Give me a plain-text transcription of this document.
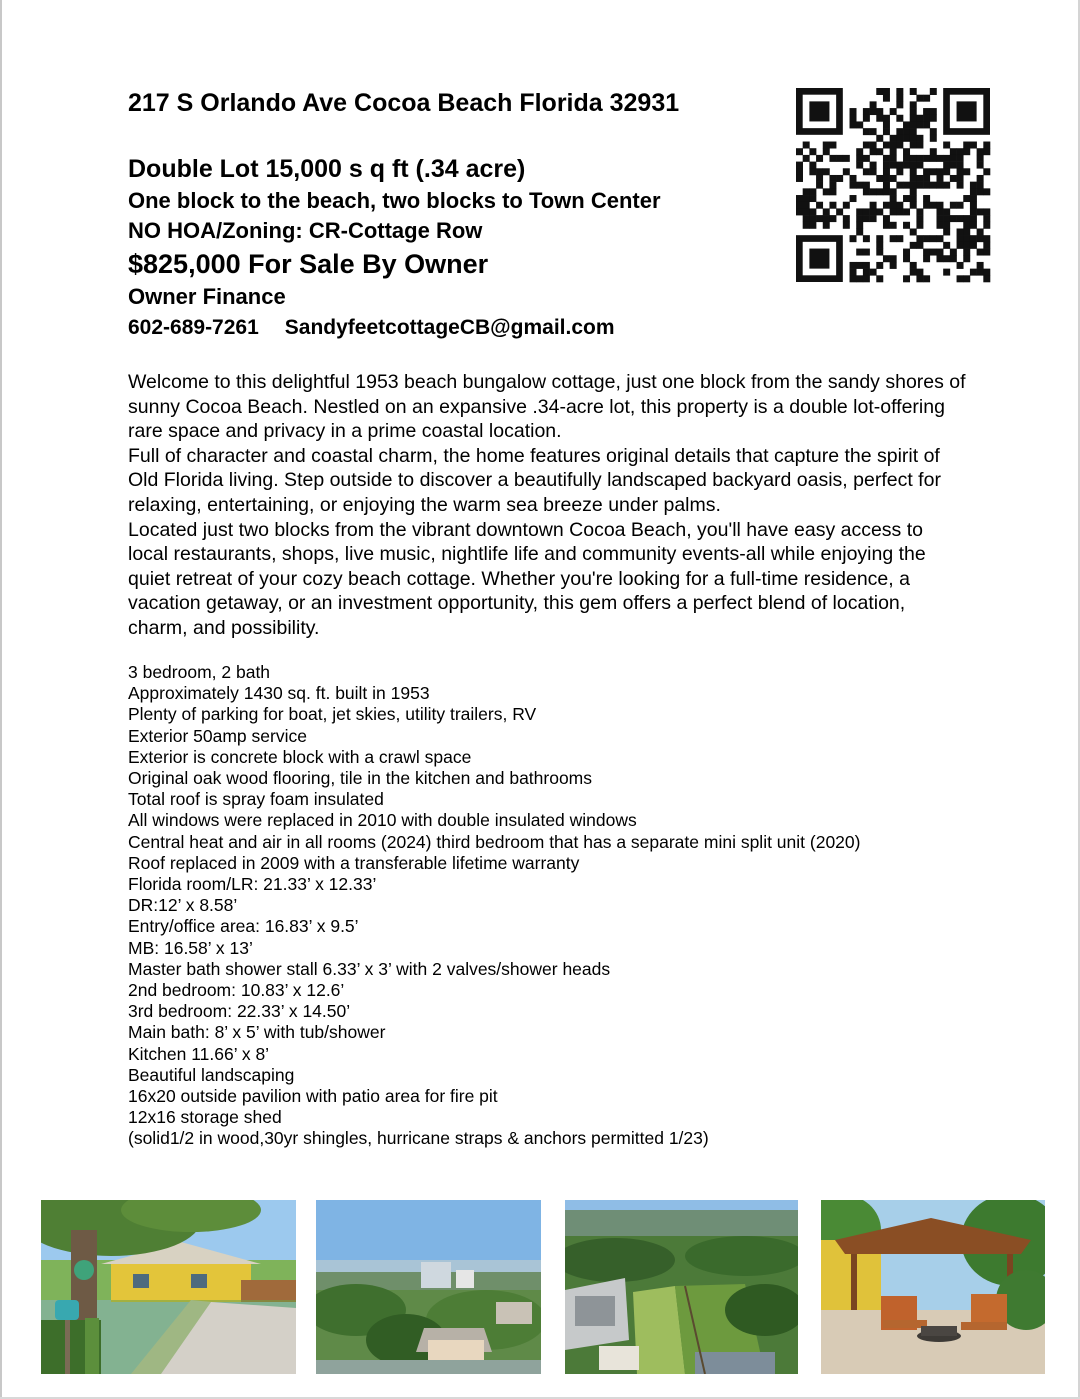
217 S Orlando Ave Cocoa Beach Florida 32931
Double Lot 15,000 s q ft (.34 acre)
One block to the beach, two blocks to Town Center
NO HOA/Zoning: CR-Cottage Row
$825,000 For Sale By Owner
Owner Finance
602-689-7261 SandyfeetcottageCB@gmail.com

Welcome to this delightful 1953 beach bungalow cottage, just one block from the sandy shores of sunny Cocoa Beach. Nestled on an expansive .34-acre lot, this property is a double lot-offering rare space and privacy in a prime coastal location.

Full of character and coastal charm, the home features original details that capture the spirit of Old Florida living. Step outside to discover a beautifully landscaped backyard oasis, perfect for relaxing, entertaining, or enjoying the warm sea breeze under palms.

Located just two blocks from the vibrant downtown Cocoa Beach, you'll have easy access to local restaurants, shops, live music, nightlife life and community events-all while enjoying the quiet retreat of your cozy beach cottage. Whether you're looking for a full-time residence, a vacation getaway, or an investment opportunity, this gem offers a perfect blend of location, charm, and possibility.

3 bedroom, 2 bath
Approximately 1430 sq. ft. built in 1953
Plenty of parking for boat, jet skies, utility trailers, RV
Exterior 50amp service
Exterior is concrete block with a crawl space
Original oak wood flooring, tile in the kitchen and bathrooms
Total roof is spray foam insulated
All windows were replaced in 2010 with double insulated windows
Central heat and air in all rooms (2024) third bedroom that has a separate mini split unit (2020)
Roof replaced in 2009 with a transferable lifetime warranty
Florida room/LR: 21.33’ x 12.33’
DR:12’ x 8.58’
Entry/office area: 16.83’ x 9.5’
MB: 16.58’ x 13’
Master bath shower stall 6.33’ x 3’ with 2 valves/shower heads
2nd bedroom: 10.83’ x 12.6’
3rd bedroom: 22.33’ x 14.50’
Main bath: 8’ x 5’ with tub/shower
Kitchen 11.66’ x 8’
Beautiful landscaping
16x20 outside pavilion with patio area for fire pit
12x16 storage shed
(solid1/2 in wood,30yr shingles, hurricane straps & anchors permitted 1/23)
